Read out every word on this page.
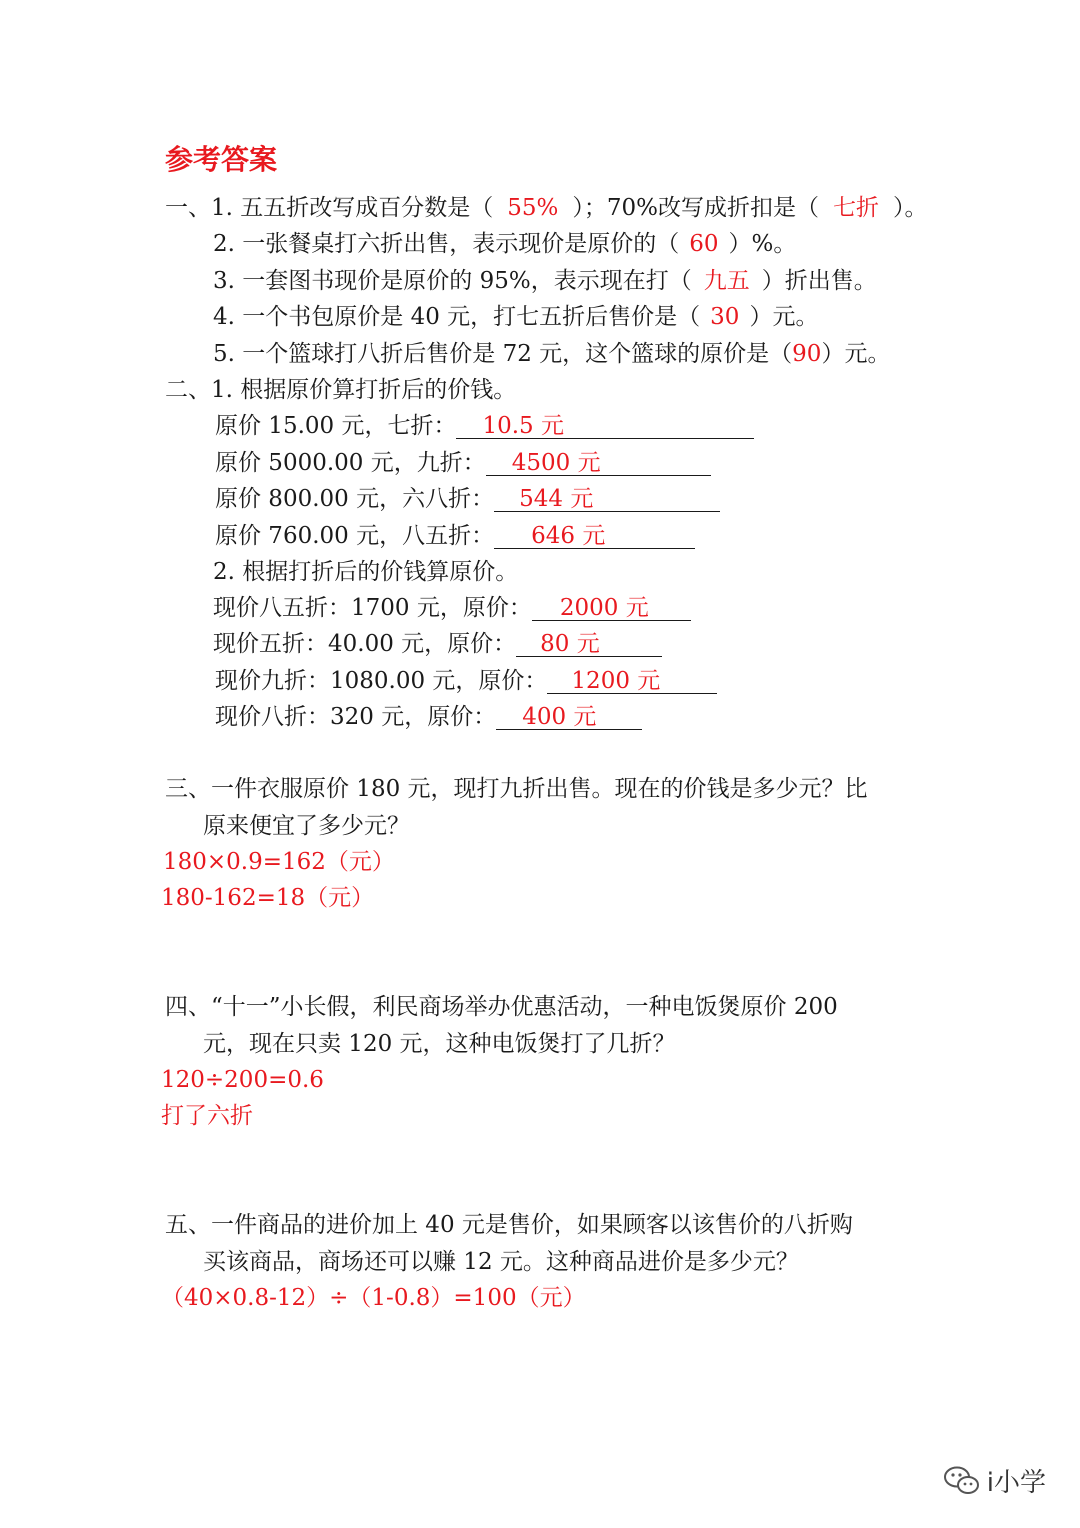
参考答案
一、1. 五五折改写成百分数是（ 55% ）；70%改写成折扣是（ 七折 ）。
2. 一张餐桌打六折出售，表示现价是原价的（ 60 ）%。
3. 一套图书现价是原价的 95%，表示现在打（ 九五 ）折出售。
4. 一个书包原价是 40 元，打七五折后售价是（ 30 ）元。
5. 一个篮球打八折后售价是 72 元，这个篮球的原价是（90）元。
二、1. 根据原价算打折后的价钱。
原价 15.00 元，七折： 10.5 元
原价 5000.00 元，九折： 4500 元
原价 800.00 元，六八折： 544 元
原价 760.00 元，八五折： 646 元
2. 根据打折后的价钱算原价。
现价八五折：1700 元，原价： 2000 元
现价五折：40.00 元，原价： 80 元
现价九折：1080.00 元，原价： 1200 元
现价八折：320 元，原价： 400 元
三、一件衣服原价 180 元，现打九折出售。现在的价钱是多少元？比
原来便宜了多少元？
180×0.9=162（元）
180-162=18（元）
四、“十一”小长假，利民商场举办优惠活动，一种电饭煲原价 200
元，现在只卖 120 元，这种电饭煲打了几折？
120÷200=0.6
打了六折
五、一件商品的进价加上 40 元是售价，如果顾客以该售价的八折购
买该商品，商场还可以赚 12 元。这种商品进价是多少元？
（40×0.8-12）÷（1-0.8）=100（元）
i小学
